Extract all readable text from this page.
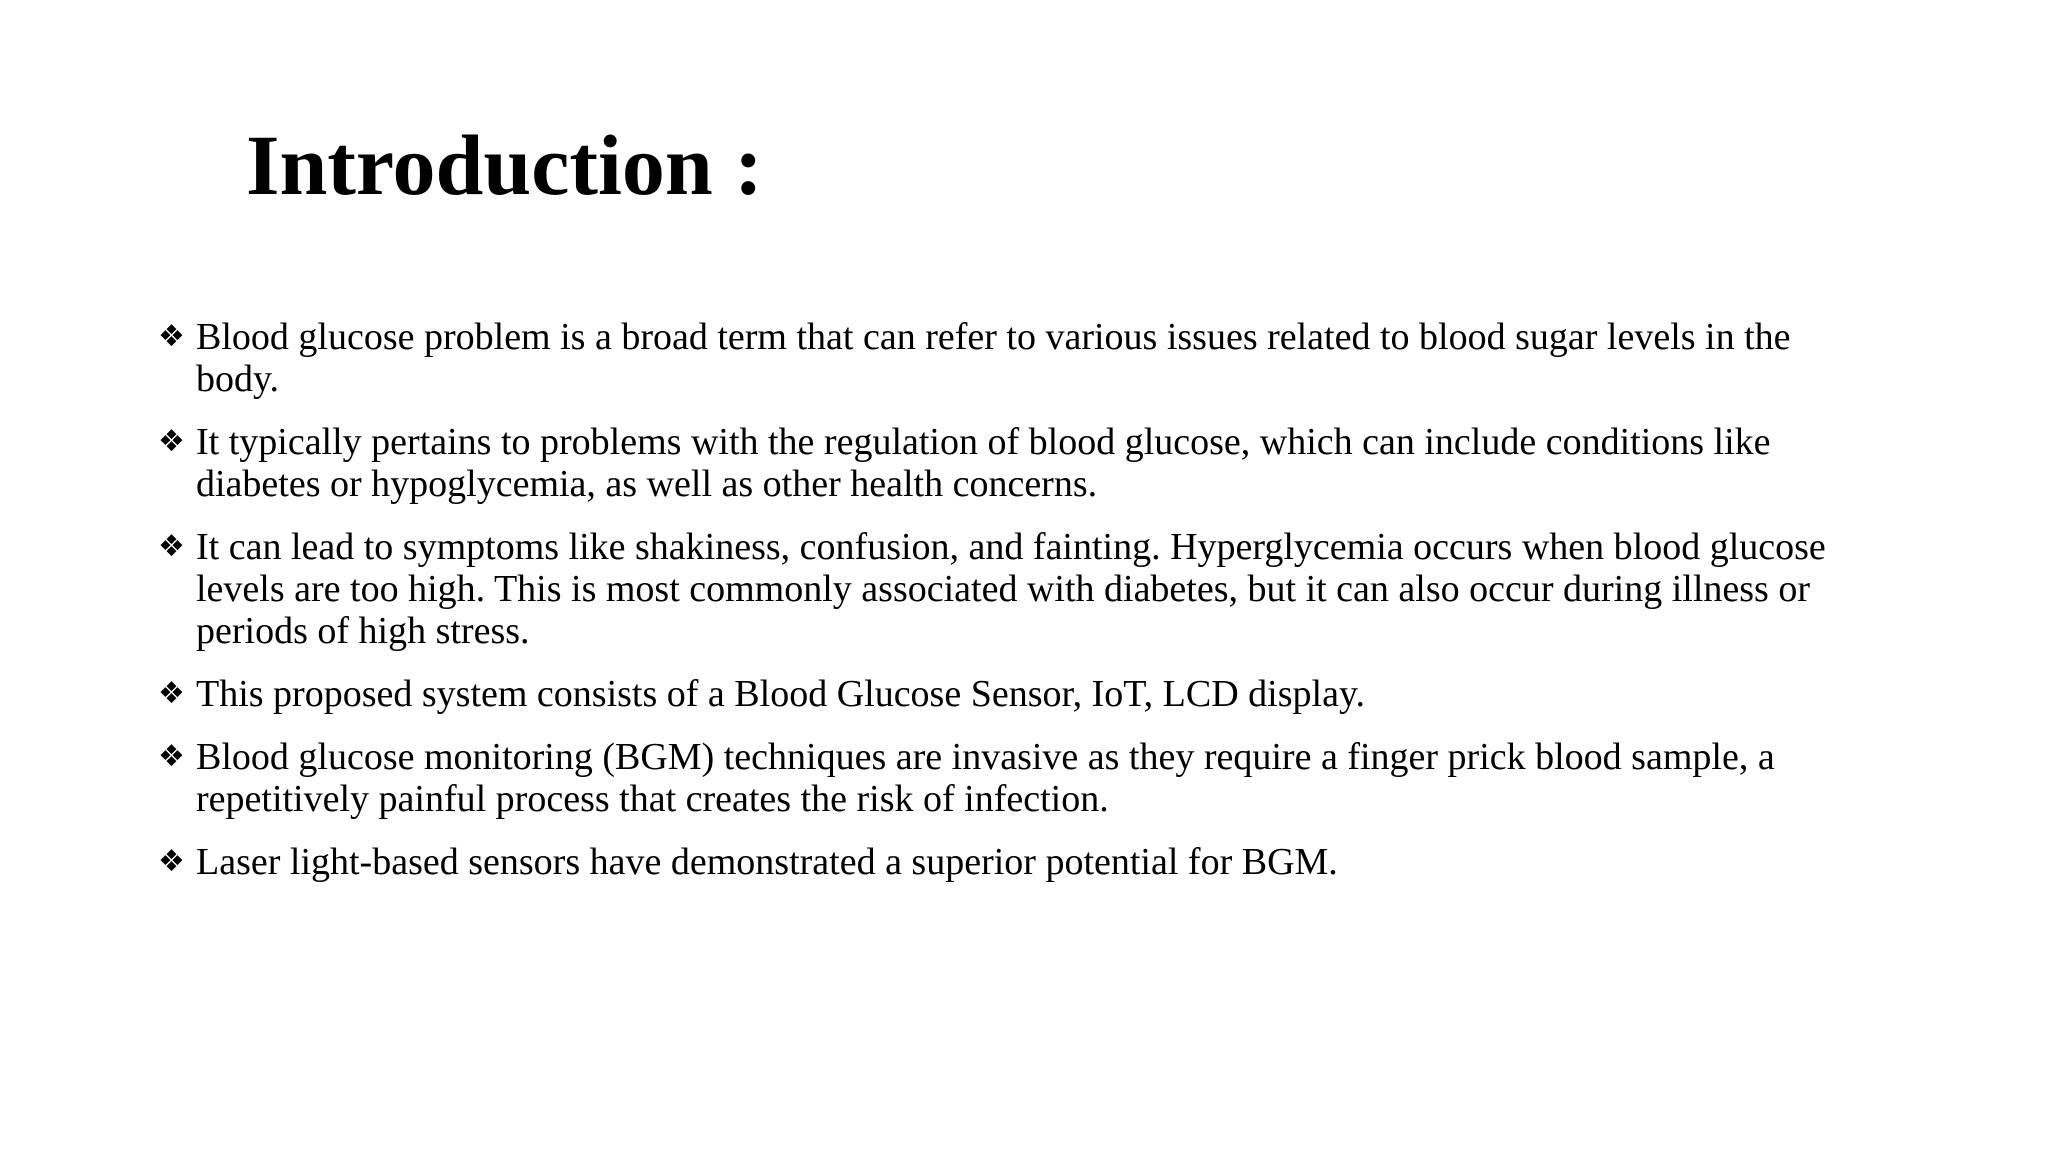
Introduction :
❖ Blood glucose problem is a broad term that can refer to various issues related to blood sugar levels in the body.
❖ It typically pertains to problems with the regulation of blood glucose, which can include conditions like diabetes or hypoglycemia, as well as other health concerns.
❖ It can lead to symptoms like shakiness, confusion, and fainting. Hyperglycemia occurs when blood glucose levels are too high. This is most commonly associated with diabetes, but it can also occur during illness or periods of high stress.
❖ This proposed system consists of a Blood Glucose Sensor, IoT, LCD display.
❖ Blood glucose monitoring (BGM) techniques are invasive as they require a finger prick blood sample, a repetitively painful process that creates the risk of infection.
❖ Laser light-based sensors have demonstrated a superior potential for BGM.
